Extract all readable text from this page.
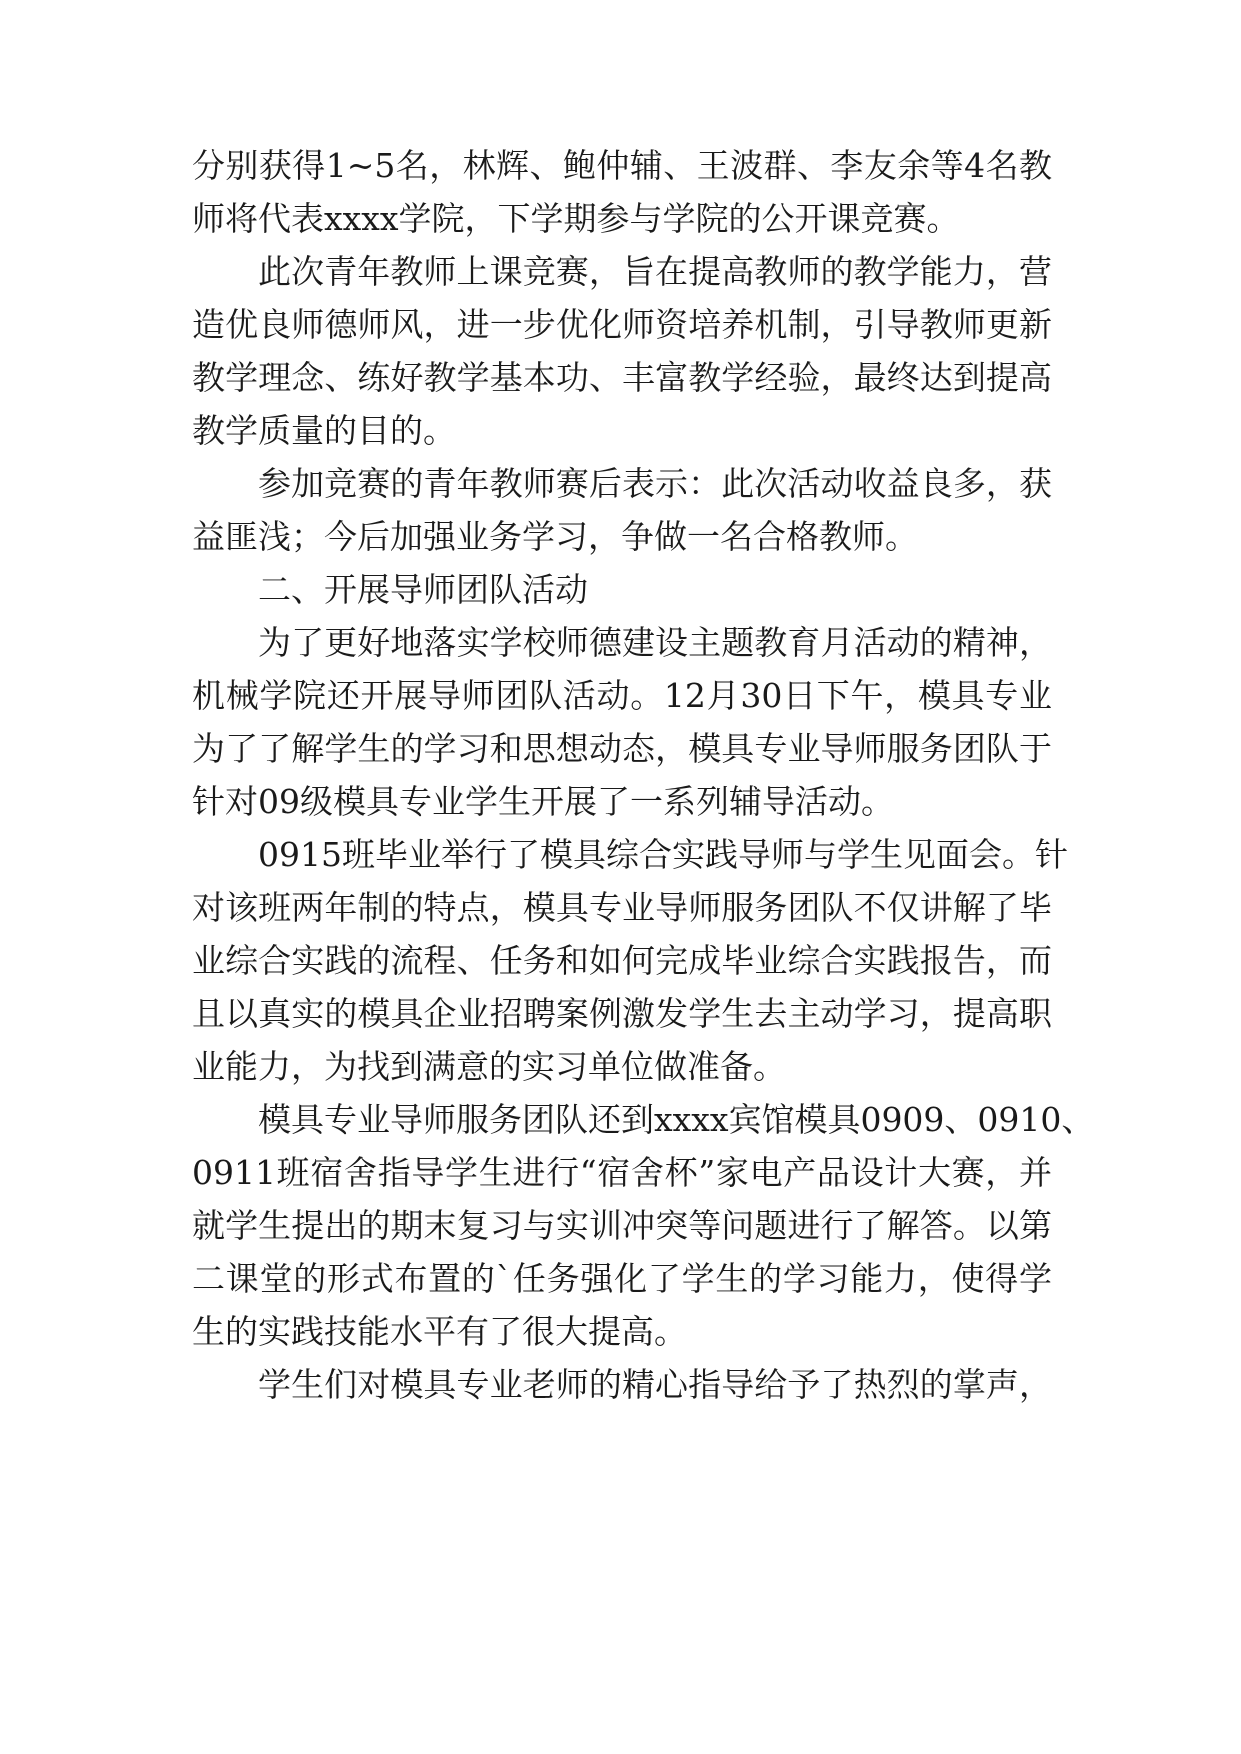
分别获得1~5名，林辉、鲍仲辅、王波群、李友余等4名教
师将代表xxxx学院，下学期参与学院的公开课竞赛。
此次青年教师上课竞赛，旨在提高教师的教学能力，营
造优良师德师风，进一步优化师资培养机制，引导教师更新
教学理念、练好教学基本功、丰富教学经验，最终达到提高
教学质量的目的。
参加竞赛的青年教师赛后表示：此次活动收益良多，获
益匪浅；今后加强业务学习，争做一名合格教师。
二、开展导师团队活动
为了更好地落实学校师德建设主题教育月活动的精神，
机械学院还开展导师团队活动。12月30日下午，模具专业
为了了解学生的学习和思想动态，模具专业导师服务团队于
针对09级模具专业学生开展了一系列辅导活动。
0915班毕业举行了模具综合实践导师与学生见面会。针
对该班两年制的特点，模具专业导师服务团队不仅讲解了毕
业综合实践的流程、任务和如何完成毕业综合实践报告，而
且以真实的模具企业招聘案例激发学生去主动学习，提高职
业能力，为找到满意的实习单位做准备。
模具专业导师服务团队还到xxxx宾馆模具0909、0910、
0911班宿舍指导学生进行“宿舍杯”家电产品设计大赛，并
就学生提出的期末复习与实训冲突等问题进行了解答。以第
二课堂的形式布置的`任务强化了学生的学习能力，使得学
生的实践技能水平有了很大提高。
学生们对模具专业老师的精心指导给予了热烈的掌声，
